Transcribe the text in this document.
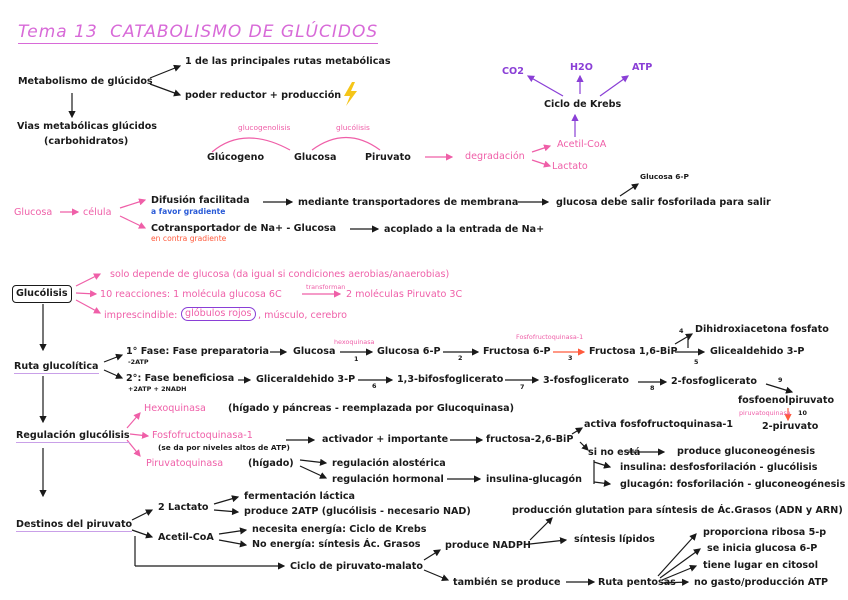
Tema 13 CATABOLISMO DE GLÚCIDOS
Metabolismo de glúcidos
1 de las principales rutas metabólicas
poder reductor + producción
Vias metabólicas glúcidos
(carbohidratos)
glucogenolisis	glucólisis
Glúcogeno	Glucosa	Piruvato	degradación
Acetil-CoA
Lactato
CO2	H2O	ATP
Ciclo de Krebs
Glucosa	célula
Difusión facilitada
a favor gradiente
mediante transportadores de membrana	glucosa debe salir fosforilada para salir
Glucosa 6-P
Cotransportador de Na+ - Glucosa
en contra gradiente
acoplado a la entrada de Na+
Glucólisis
solo depende de glucosa (da igual si condiciones aerobias/anaerobias)
10 reacciones: 1 molécula glucosa 6C
transforman
2 moléculas Piruvato 3C
imprescindible: glóbulos rojos , músculo, cerebro
Ruta glucolítica
1° Fase: Fase preparatoria
-2ATP
2°: Fase beneficiosa
+2ATP + 2NADH
Glucosa
hexoquinasa
Glucosa 6-P
Fosfofructoquinasa-1
Fructosa 6-P	Fructosa 1,6-BiP
Dihidroxiacetona fosfato
Glicealdehido 3-P
Gliceraldehido 3-P	1,3-bifosfoglicerato	3-fosfoglicerato	2-fosfoglicerato
fosfoenolpiruvato
piruvatoquinasa
2-piruvato
1	2	3
4
5
6	7	8
9
10
Regulación glucólisis
Hexoquinasa (hígado y páncreas - reemplazada por Glucoquinasa)
Fosfofructoquinasa-1
(se da por niveles altos de ATP)
activador + importante	fructosa-2,6-BiP
activa fosfofructoquinasa-1
si no está	produce gluconeogénesis
insulina: desfosforilación - glucólisis
glucagón: fosforilación - gluconeogénesis
Piruvatoquinasa	(hígado)	regulación alostérica
regulación hormonal	insulina-glucagón
Destinos del piruvato
2 Lactato
fermentación láctica
produce 2ATP (glucólisis - necesario NAD)
Acetil-CoA
necesita energía: Ciclo de Krebs
No energía: síntesis Ác. Grasos
Ciclo de piruvato-malato
produce NADPH
producción glutation para síntesis de Ác.Grasos (ADN y ARN)
síntesis lípidos
también se produce	Ruta pentosas
proporciona ribosa 5-p
se inicia glucosa 6-P
tiene lugar en citosol
no gasto/producción ATP
